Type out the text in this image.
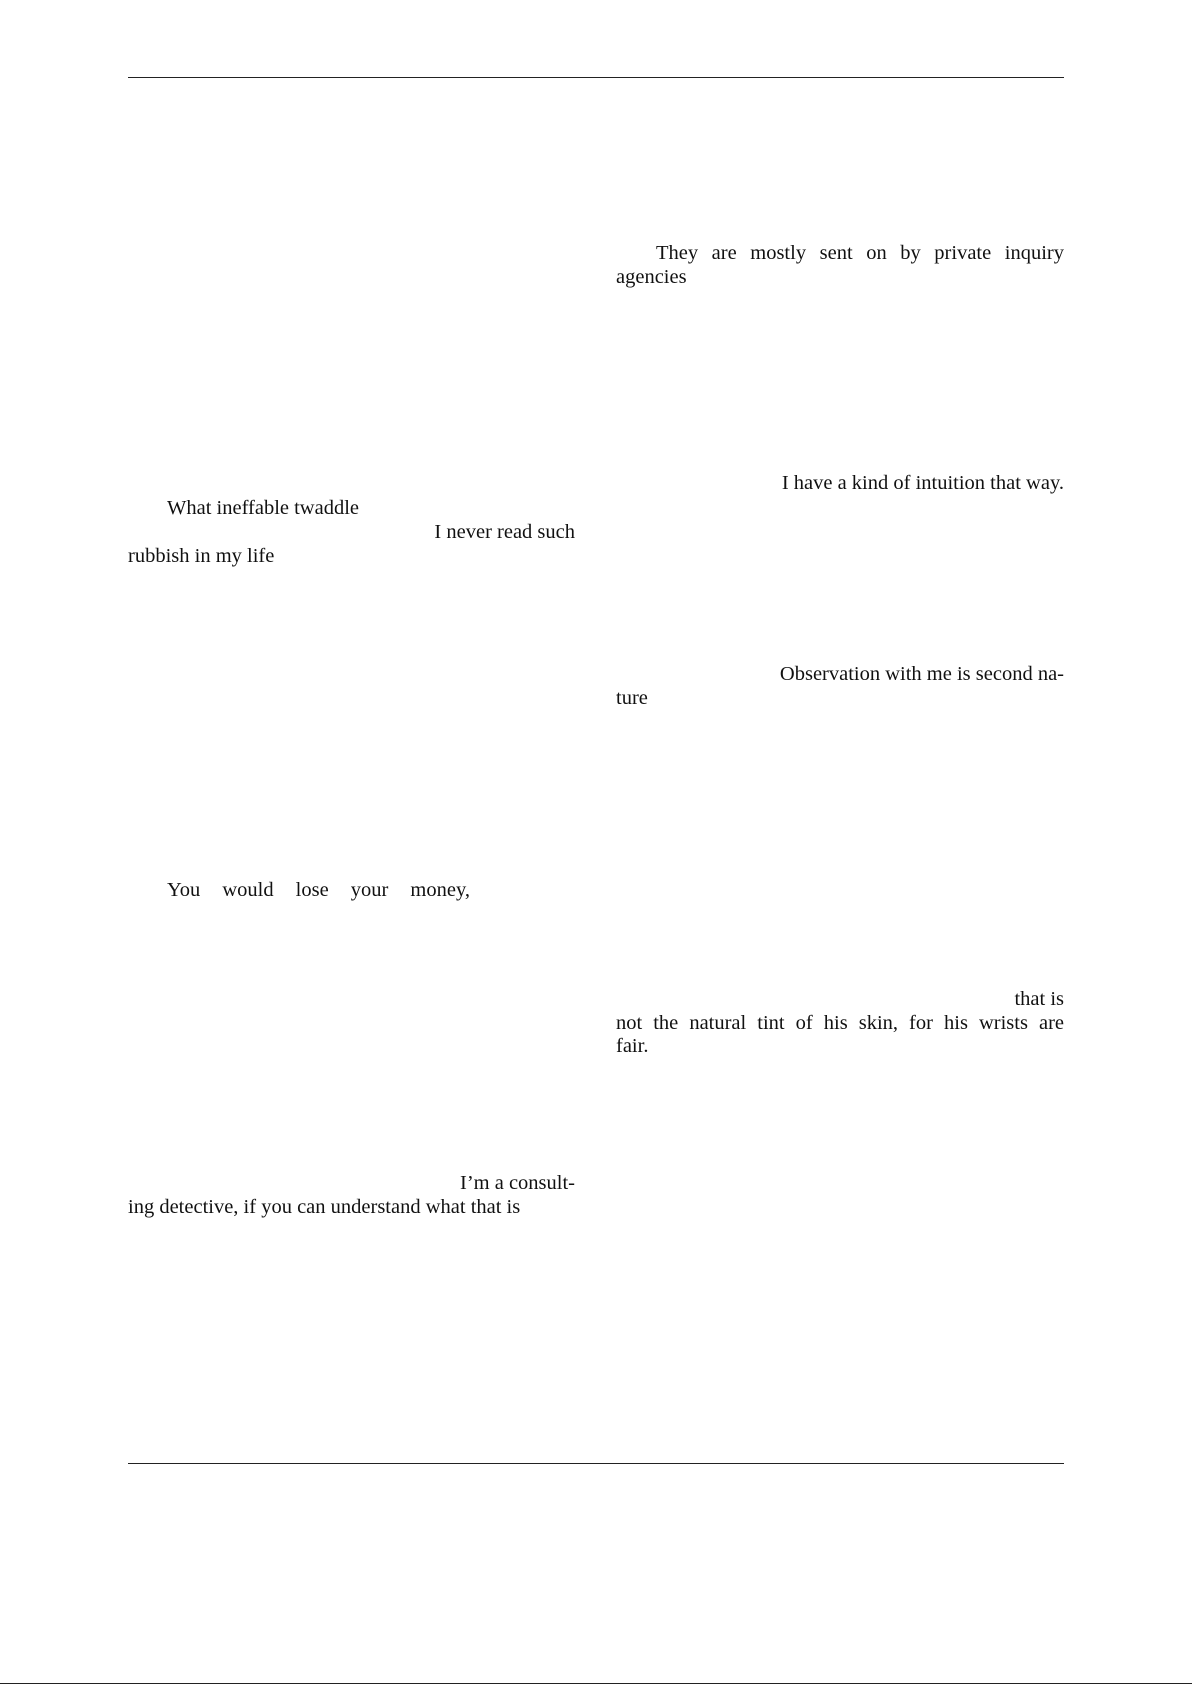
What ineffable twaddle
I never read such
rubbish in my life
You would lose your money,
I’m a consult-
ing detective, if you can understand what that is
They are mostly sent on by private inquiry
agencies
I have a kind of intuition that way.
Observation with me is second na-
ture
that is
not the natural tint of his skin, for his wrists are
fair.
